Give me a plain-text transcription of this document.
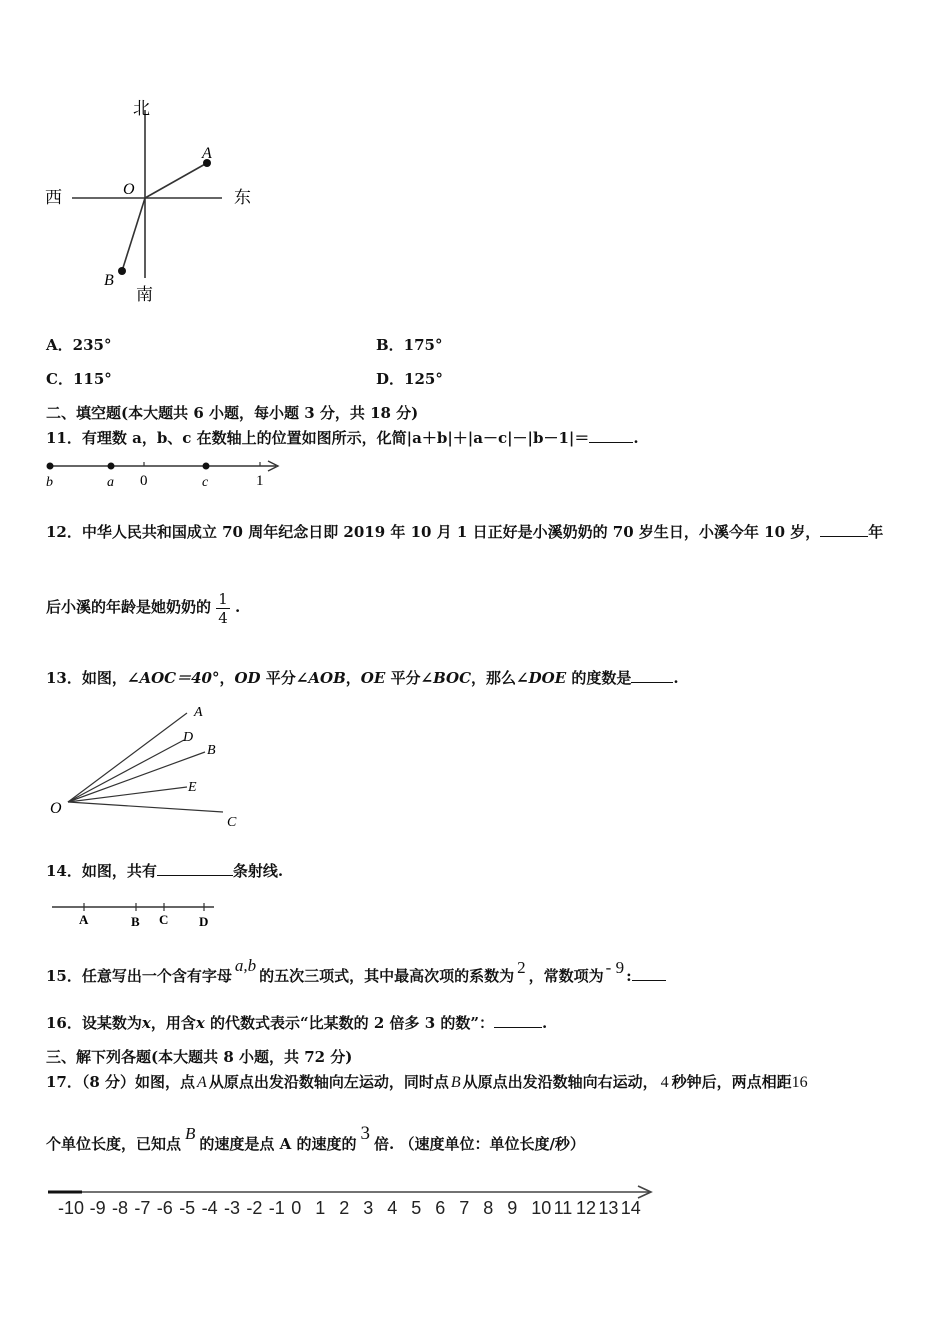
北
南
西	东
O
A
B
A．235°	B．175°
C．115°	D．125°
二、填空题(本大题共 6 小题，每小题 3 分，共 18 分)
11．有理数 a，b、c 在数轴上的位置如图所示，化简|a＋b|＋|a－c|－|b－1|＝	.
b	a 0	c	1
12．中华人民共和国成立 70 周年纪念日即 2019 年 10 月 1 日正好是小溪奶奶的 70 岁生日，小溪今年 10 岁，	年
后小溪的年龄是她奶奶的 $\frac{1}{4}$ .
13．如图，∠AOC＝40°，OD 平分∠AOB，OE 平分∠BOC，那么∠DOE 的度数是	.
O
A
D
B
E
C
14．如图，共有	条射线.
A	B C D
15．任意写出一个含有字母a,b的五次三项式，其中最高次项的系数为 2 ，常数项为 - 9 :
16．设某数为x，用含x 的代数式表示“比某数的 2 倍多 3 的数”：	.
三、解下列各题(本大题共 8 小题，共 72 分)
17．（8 分）如图，点 A 从原点出发沿数轴向左运动，同时点 B 从原点出发沿数轴向右运动， 4 秒钟后，两点相距16
个单位长度，已知点B的速度是点 A 的速度的 3 倍. （速度单位：单位长度/秒）
-10 -9 -8 -7 -6 -5 -4 -3 -2 -1 0 1 2 3 4 5 6 7 8 9 10 11 12 13 14
